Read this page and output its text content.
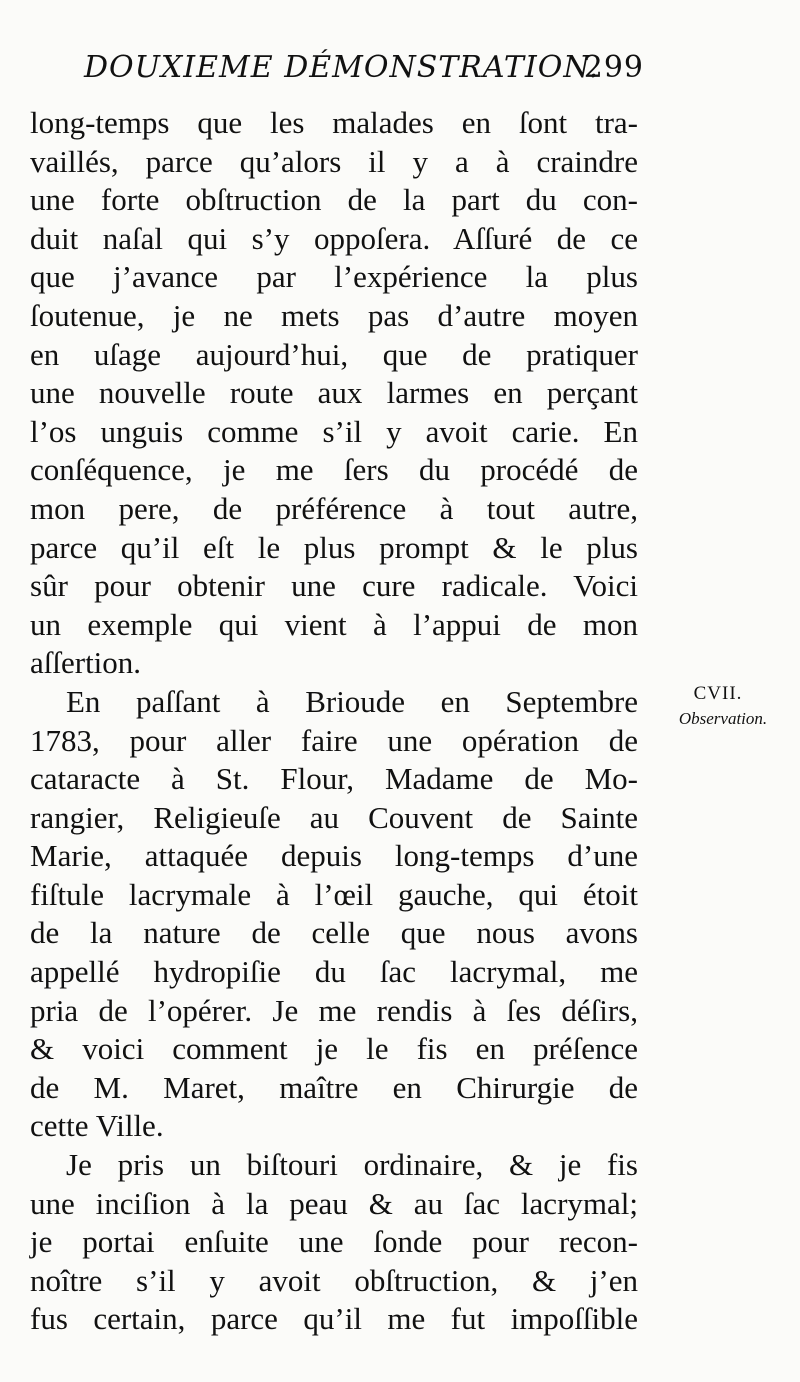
DOUXIEME DÉMONSTRATION.
299
long-temps que les malades en ſont tra-
vaillés, parce qu’alors il y a à craindre
une forte obſtruction de la part du con-
duit naſal qui s’y oppoſera. Aſſuré de ce
que j’avance par l’expérience la plus
ſoutenue, je ne mets pas d’autre moyen
en uſage aujourd’hui, que de pratiquer
une nouvelle route aux larmes en perçant
l’os unguis comme s’il y avoit carie. En
conſéquence, je me ſers du procédé de
mon pere, de préférence à tout autre,
parce qu’il eſt le plus prompt & le plus
sûr pour obtenir une cure radicale. Voici
un exemple qui vient à l’appui de mon
aſſertion.
En paſſant à Brioude en Septembre
1783, pour aller faire une opération de
cataracte à St. Flour, Madame de Mo-
rangier, Religieuſe au Couvent de Sainte
Marie, attaquée depuis long-temps d’une
fiſtule lacrymale à l’œil gauche, qui étoit
de la nature de celle que nous avons
appellé hydropiſie du ſac lacrymal, me
pria de l’opérer. Je me rendis à ſes déſirs,
& voici comment je le fis en préſence
de M. Maret, maître en Chirurgie de
cette Ville.
Je pris un biſtouri ordinaire, & je fis
une inciſion à la peau & au ſac lacrymal;
je portai enſuite une ſonde pour recon-
noître s’il y avoit obſtruction, & j’en
fus certain, parce qu’il me fut impoſſible
CVII.
Observation.
